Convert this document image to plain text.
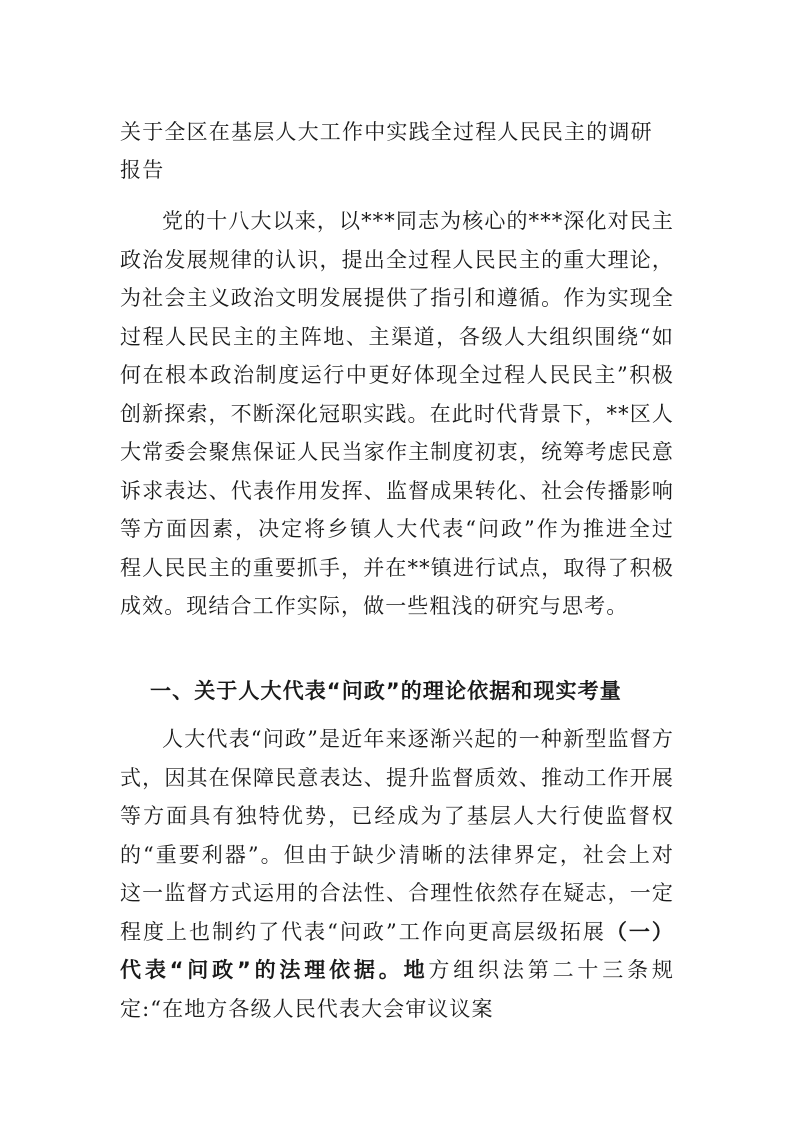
关于全区在基层人大工作中实践全过程人民民主的调研报告
党的十八大以来，以***同志为核心的***深化对民主政治发展规律的认识，提出全过程人民民主的重大理论，为社会主义政治文明发展提供了指引和遵循。作为实现全过程人民民主的主阵地、主渠道，各级人大组织围绕“如何在根本政治制度运行中更好体现全过程人民民主”积极创新探索，不断深化冠职实践。在此时代背景下，**区人大常委会聚焦保证人民当家作主制度初衷，统筹考虑民意诉求表达、代表作用发挥、监督成果转化、社会传播影响等方面因素，决定将乡镇人大代表“问政”作为推进全过程人民民主的重要抓手，并在**镇进行试点，取得了积极成效。现结合工作实际，做一些粗浅的研究与思考。
一、关于人大代表“问政”的理论依据和现实考量
人大代表“问政”是近年来逐渐兴起的一种新型监督方式，因其在保障民意表达、提升监督质效、推动工作开展等方面具有独特优势，已经成为了基层人大行使监督权的“重要利器”。但由于缺少清晰的法律界定，社会上对这一监督方式运用的合法性、合理性依然存在疑志，一定程度上也制约了代表“问政”工作向更高层级拓展（一）代表“问政”的法理依据。地方组织法第二十三条规定:“在地方各级人民代表大会审议议案
